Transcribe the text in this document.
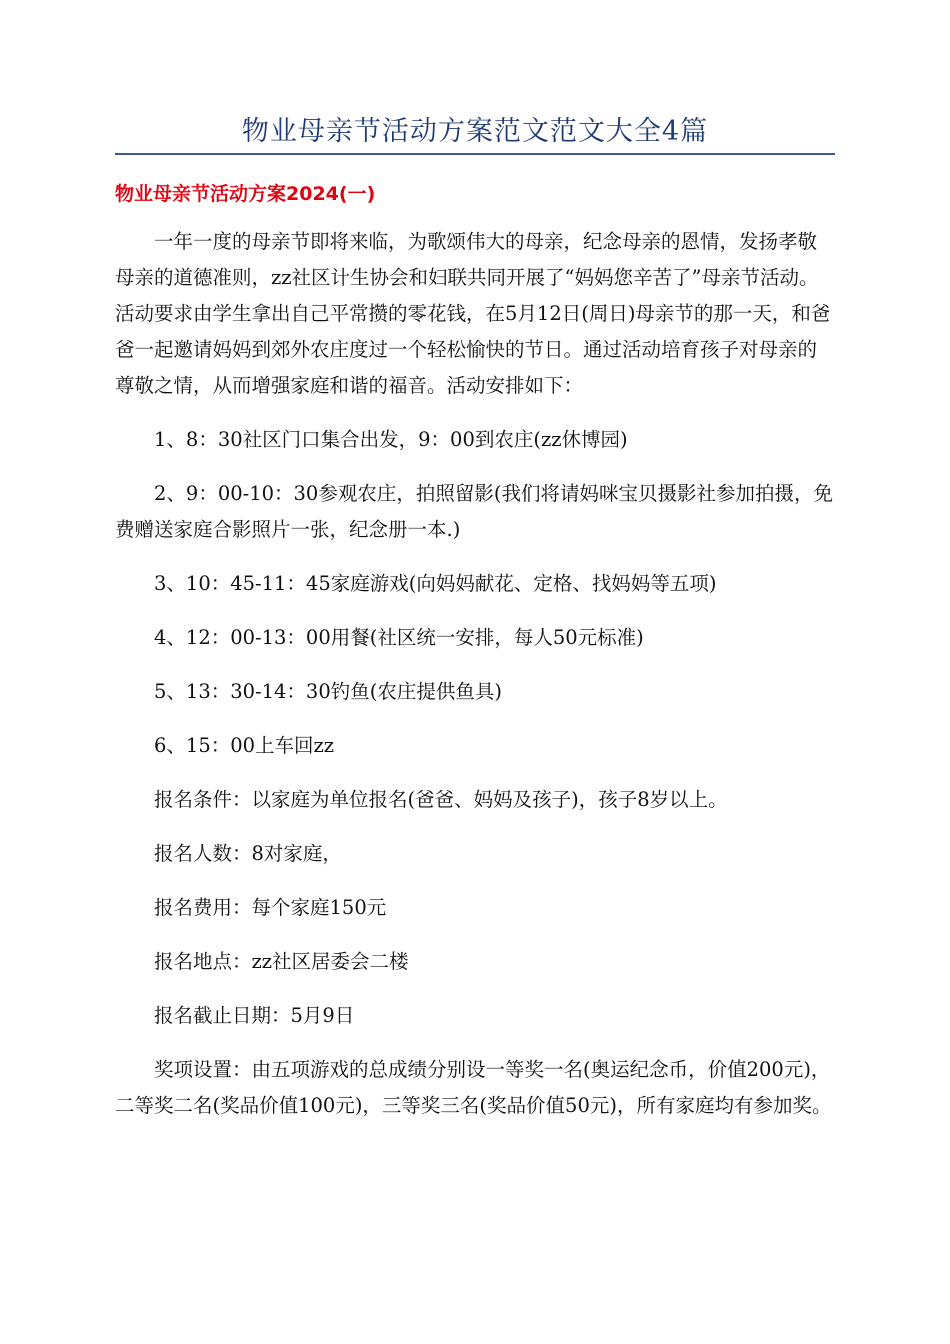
物业母亲节活动方案范文范文大全4篇
物业母亲节活动方案2024(一)

一年一度的母亲节即将来临，为歌颂伟大的母亲，纪念母亲的恩情，发扬孝敬母亲的道德准则，zz社区计生协会和妇联共同开展了“妈妈您辛苦了”母亲节活动。活动要求由学生拿出自己平常攒的零花钱，在5月12日(周日)母亲节的那一天，和爸爸一起邀请妈妈到郊外农庄度过一个轻松愉快的节日。通过活动培育孩子对母亲的尊敬之情，从而增强家庭和谐的福音。活动安排如下：

1、8：30社区门口集合出发，9：00到农庄(zz休博园)

2、9：00-10：30参观农庄，拍照留影(我们将请妈咪宝贝摄影社参加拍摄，免费赠送家庭合影照片一张，纪念册一本.)

3、10：45-11：45家庭游戏(向妈妈献花、定格、找妈妈等五项)

4、12：00-13：00用餐(社区统一安排，每人50元标准)

5、13：30-14：30钓鱼(农庄提供鱼具)

6、15：00上车回zz

报名条件：以家庭为单位报名(爸爸、妈妈及孩子)，孩子8岁以上。

报名人数：8对家庭，

报名费用：每个家庭150元

报名地点：zz社区居委会二楼

报名截止日期：5月9日

奖项设置：由五项游戏的总成绩分别设一等奖一名(奥运纪念币，价值200元)，二等奖二名(奖品价值100元)，三等奖三名(奖品价值50元)，所有家庭均有参加奖。
